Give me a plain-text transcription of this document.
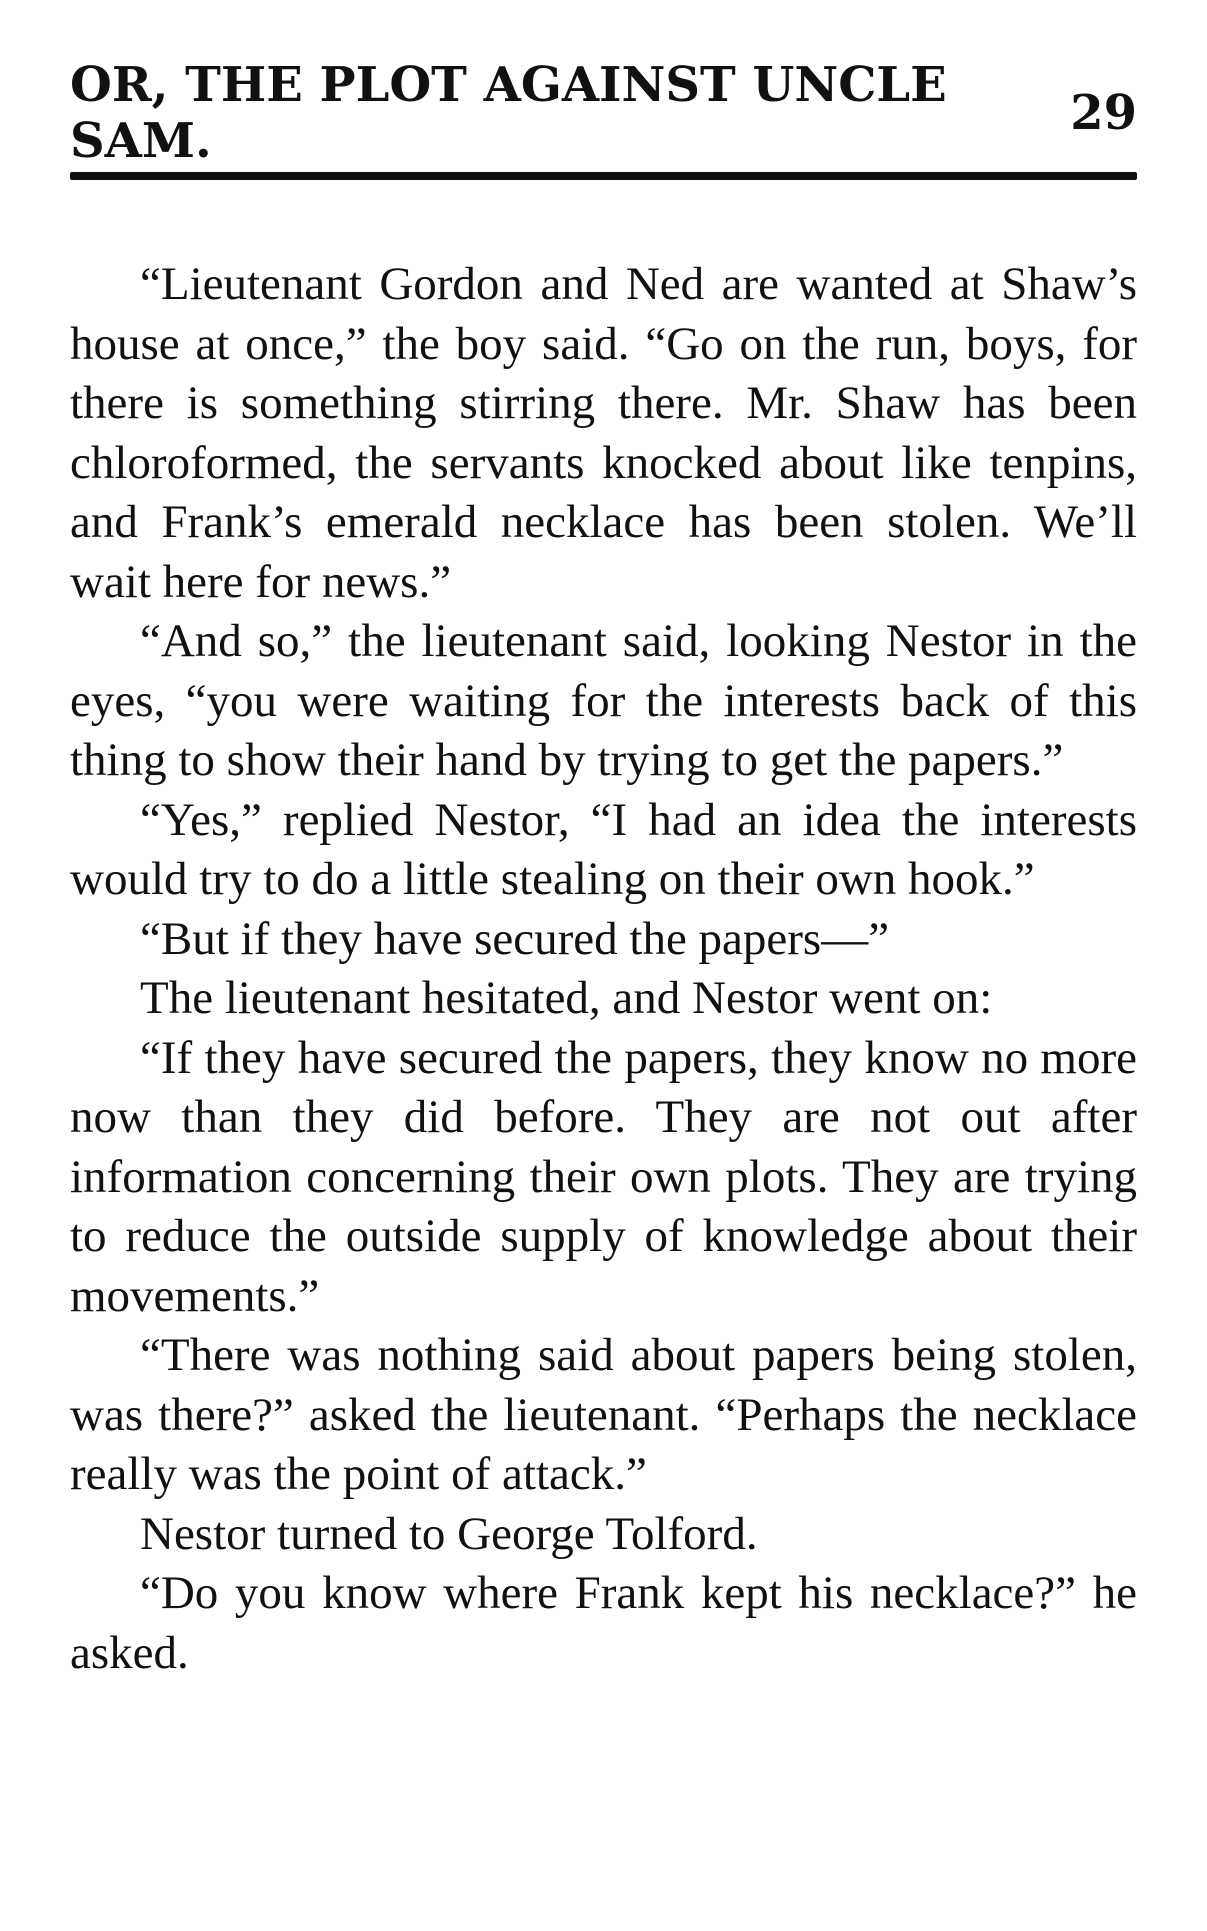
OR, THE PLOT AGAINST UNCLE SAM.	29

“Lieutenant Gordon and Ned are wanted at Shaw’s house at once,” the boy said. “Go on the run, boys, for there is something stirring there. Mr. Shaw has been chloroformed, the servants knocked about like tenpins, and Frank’s emerald necklace has been stolen. We’ll wait here for news.”

“And so,” the lieutenant said, looking Nestor in the eyes, “you were waiting for the interests back of this thing to show their hand by trying to get the papers.”

“Yes,” replied Nestor, “I had an idea the interests would try to do a little stealing on their own hook.”

“But if they have secured the papers—”

The lieutenant hesitated, and Nestor went on:

“If they have secured the papers, they know no more now than they did before. They are not out after information concerning their own plots. They are trying to reduce the outside supply of knowledge about their movements.”

“There was nothing said about papers being stolen, was there?” asked the lieutenant. “Perhaps the necklace really was the point of attack.”

Nestor turned to George Tolford.

“Do you know where Frank kept his necklace?” he asked.
